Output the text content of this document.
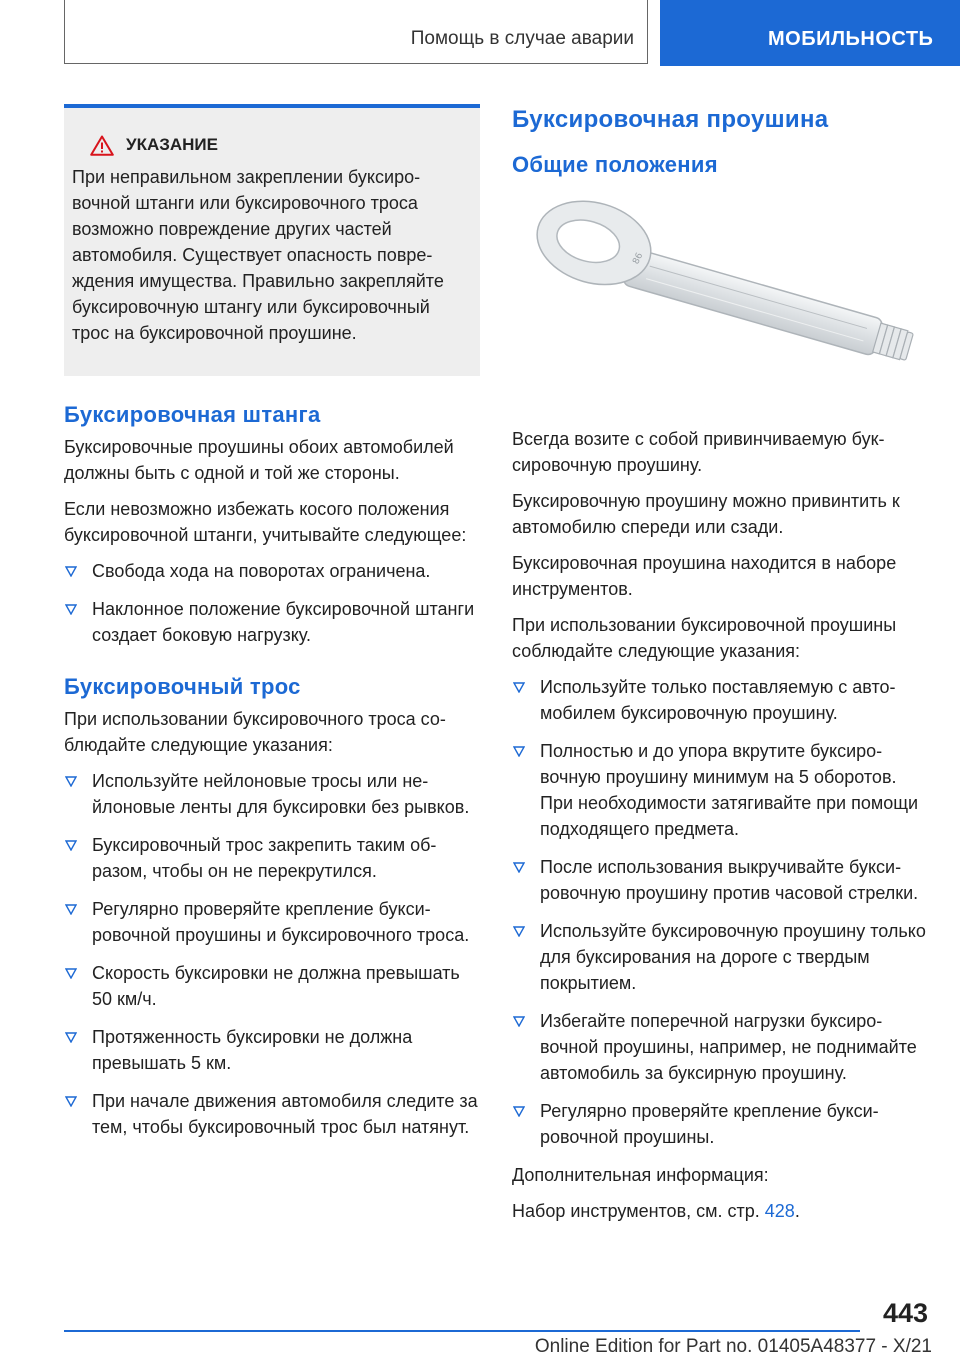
Помощь в случае аварии	МОБИЛЬНОСТЬ
УКАЗАНИЕ

При неправильном закреплении буксировочной штанги или буксировочного троса возможно повреждение других частей автомобиля. Существует опасность повреждения имущества. Правильно закрепляйте буксировочную штангу или буксировочный трос на буксировочной проушине.

Буксировочная штанга

Буксировочные проушины обоих автомобилей должны быть с одной и той же стороны.

Если невозможно избежать косого положения буксировочной штанги, учитывайте следующее:

Свобода хода на поворотах ограничена.
Наклонное положение буксировочной штанги создает боковую нагрузку.
Буксировочный трос

При использовании буксировочного троса соблюдайте следующие указания:

Используйте нейлоновые тросы или нейлоновые ленты для буксировки без рывков.
Буксировочный трос закрепить таким образом, чтобы он не перекрутился.
Регулярно проверяйте крепление буксировочной проушины и буксировочного троса.
Скорость буксировки не должна превышать 50 км/ч.
Протяженность буксировки не должна превышать 5 км.
При начале движения автомобиля следите за тем, чтобы буксировочный трос был натянут.
Буксировочная проушина
Общие положения
86

Всегда возите с собой привинчиваемую буксировочную проушину.

Буксировочную проушину можно привинтить к автомобилю спереди или сзади.

Буксировочная проушина находится в наборе инструментов.

При использовании буксировочной проушины соблюдайте следующие указания:

Используйте только поставляемую с автомобилем буксировочную проушину.
Полностью и до упора вкрутите буксировочную проушину минимум на 5 оборотов. При необходимости затягивайте при помощи подходящего предмета.
После использования выкручивайте буксировочную проушину против часовой стрелки.
Используйте буксировочную проушину только для буксирования на дороге с твердым покрытием.
Избегайте поперечной нагрузки буксировочной проушины, например, не поднимайте автомобиль за буксирную проушину.
Регулярно проверяйте крепление буксировочной проушины.

Дополнительная информация:

Набор инструментов, см. стр. 428.

443
Online Edition for Part no. 01405A48377 - X/21
